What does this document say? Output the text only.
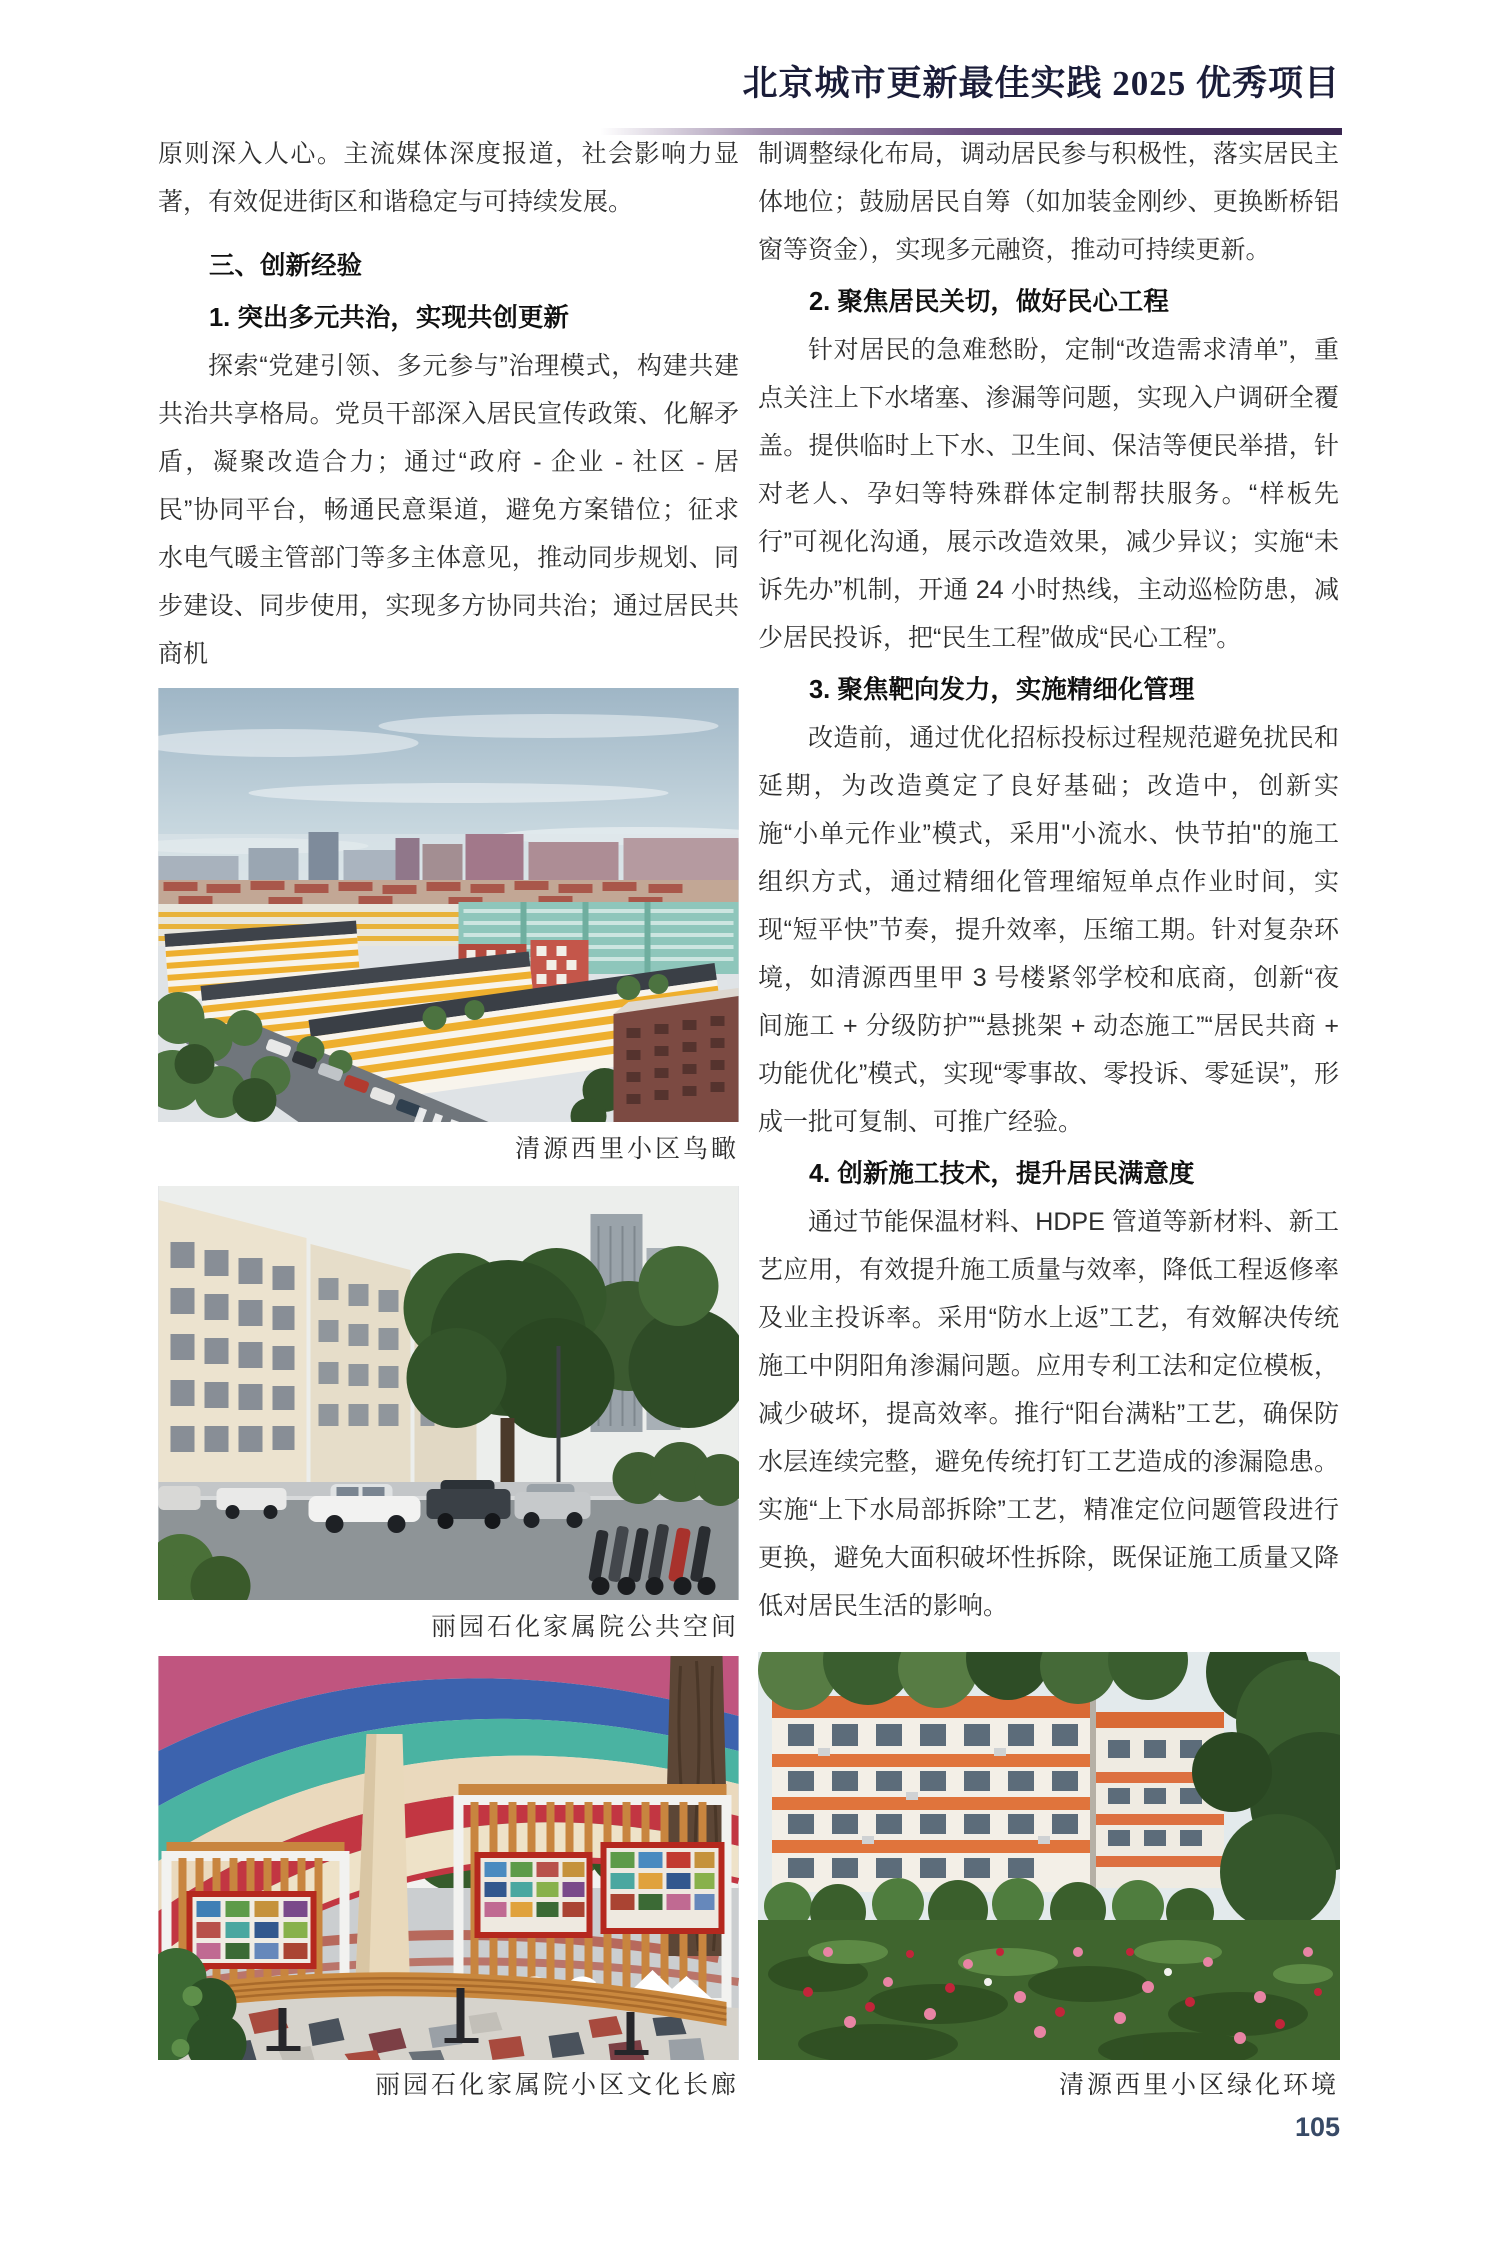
北京城市更新最佳实践 2025 优秀项目

原则深入人心。主流媒体深度报道，社会影响力显著，有效促进街区和谐稳定与可持续发展。

三、创新经验
1. 突出多元共治，实现共创更新

探索“党建引领、多元参与”治理模式，构建共建共治共享格局。党员干部深入居民宣传政策、化解矛盾，凝聚改造合力；通过“政府 - 企业 - 社区 - 居民”协同平台，畅通民意渠道，避免方案错位；征求水电气暖主管部门等多主体意见，推动同步规划、同步建设、同步使用，实现多方协同共治；通过居民共商机

制调整绿化布局，调动居民参与积极性，落实居民主体地位；鼓励居民自筹（如加装金刚纱、更换断桥铝窗等资金），实现多元融资，推动可持续更新。

2. 聚焦居民关切，做好民心工程

针对居民的急难愁盼，定制“改造需求清单”，重点关注上下水堵塞、渗漏等问题，实现入户调研全覆盖。提供临时上下水、卫生间、保洁等便民举措，针对老人、孕妇等特殊群体定制帮扶服务。“样板先行”可视化沟通，展示改造效果，减少异议；实施“未诉先办”机制，开通 24 小时热线，主动巡检防患，减少居民投诉，把“民生工程”做成“民心工程”。

3. 聚焦靶向发力，实施精细化管理

改造前，通过优化招标投标过程规范避免扰民和延期，为改造奠定了良好基础；改造中，创新实施“小单元作业”模式，采用"小流水、快节拍"的施工组织方式，通过精细化管理缩短单点作业时间，实现“短平快”节奏，提升效率，压缩工期。针对复杂环境，如清源西里甲 3 号楼紧邻学校和底商，创新“夜间施工 + 分级防护”“悬挑架 + 动态施工”“居民共商 + 功能优化”模式，实现“零事故、零投诉、零延误”，形成一批可复制、可推广经验。

4. 创新施工技术，提升居民满意度

通过节能保温材料、HDPE 管道等新材料、新工艺应用，有效提升施工质量与效率，降低工程返修率及业主投诉率。采用“防水上返”工艺，有效解决传统施工中阴阳角渗漏问题。应用专利工法和定位模板，减少破坏，提高效率。推行“阳台满粘”工艺，确保防水层连续完整，避免传统打钉工艺造成的渗漏隐患。实施“上下水局部拆除”工艺，精准定位问题管段进行更换，避免大面积破坏性拆除，既保证施工质量又降低对居民生活的影响。

清源西里小区鸟瞰
丽园石化家属院公共空间
丽园石化家属院小区文化长廊	清源西里小区绿化环境
105
